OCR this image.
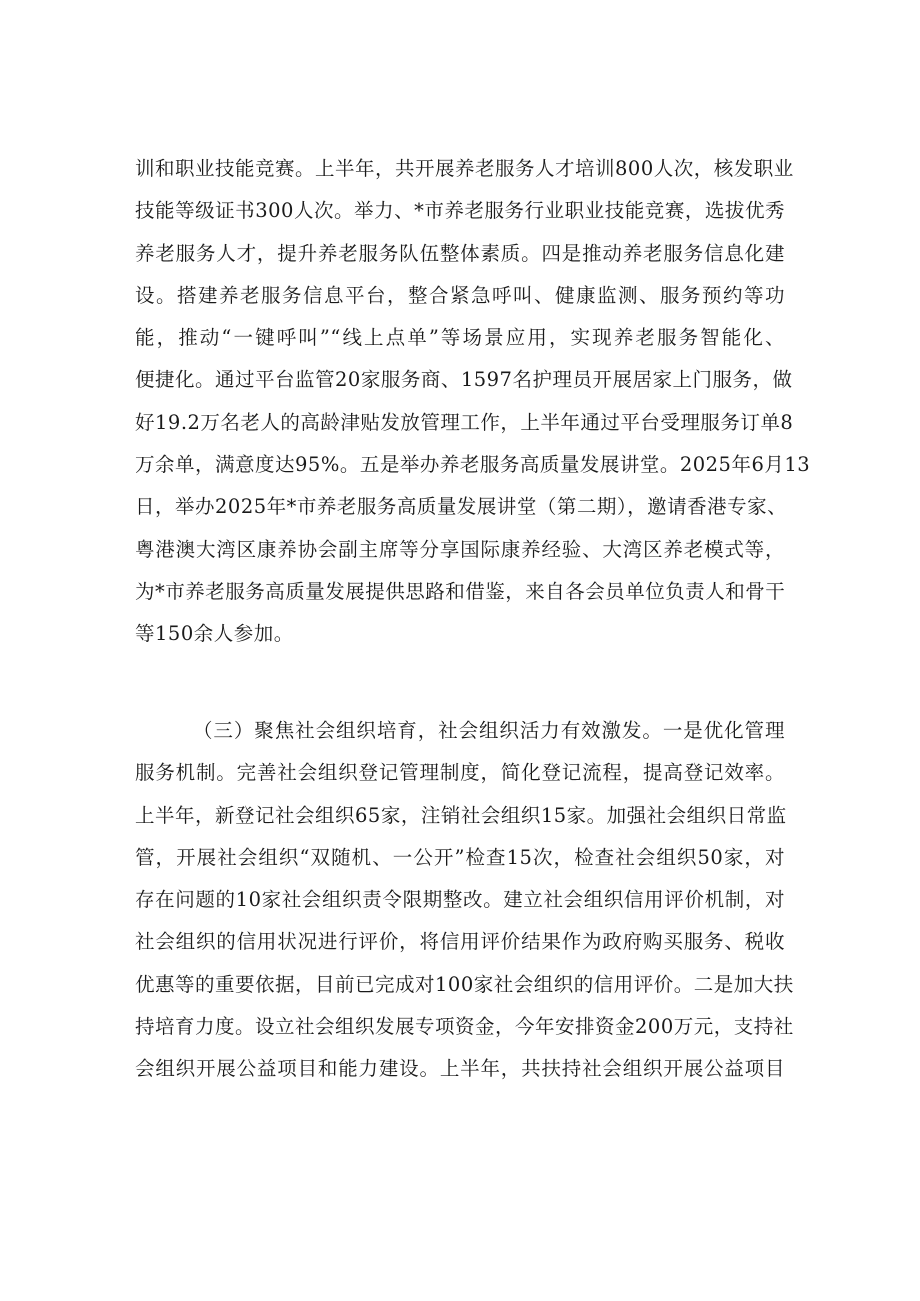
训和职业技能竞赛。上半年，共开展养老服务人才培训800人次，核发职业
技能等级证书300人次。举力、*市养老服务行业职业技能竞赛，选拔优秀
养老服务人才，提升养老服务队伍整体素质。四是推动养老服务信息化建
设。搭建养老服务信息平台，整合紧急呼叫、健康监测、服务预约等功
能，推动“一键呼叫”“线上点单”等场景应用，实现养老服务智能化、
便捷化。通过平台监管20家服务商、1597名护理员开展居家上门服务，做
好19.2万名老人的高龄津贴发放管理工作，上半年通过平台受理服务订单8
万余单，满意度达95%。五是举办养老服务高质量发展讲堂。2025年6月13
日，举办2025年*市养老服务高质量发展讲堂（第二期），邀请香港专家、
粤港澳大湾区康养协会副主席等分享国际康养经验、大湾区养老模式等，
为*市养老服务高质量发展提供思路和借鉴，来自各会员单位负责人和骨干
等150余人参加。
（三）聚焦社会组织培育，社会组织活力有效激发。一是优化管理
服务机制。完善社会组织登记管理制度，简化登记流程，提高登记效率。
上半年，新登记社会组织65家，注销社会组织15家。加强社会组织日常监
管，开展社会组织“双随机、一公开”检查15次，检查社会组织50家，对
存在问题的10家社会组织责令限期整改。建立社会组织信用评价机制，对
社会组织的信用状况进行评价，将信用评价结果作为政府购买服务、税收
优惠等的重要依据，目前已完成对100家社会组织的信用评价。二是加大扶
持培育力度。设立社会组织发展专项资金，今年安排资金200万元，支持社
会组织开展公益项目和能力建设。上半年，共扶持社会组织开展公益项目
